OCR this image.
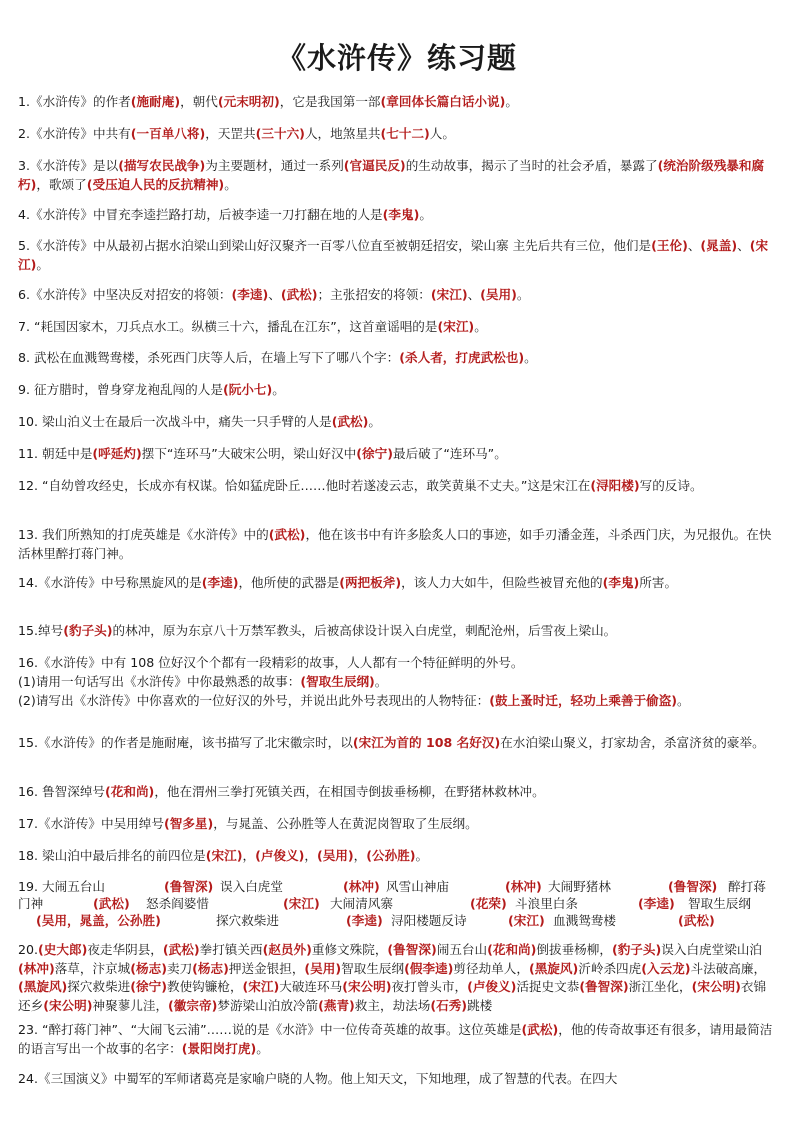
《水浒传》练习题
1.《水浒传》的作者(施耐庵)，朝代(元末明初)，它是我国第一部(章回体长篇白话小说)。
2.《水浒传》中共有(一百单八将)，天罡共(三十六)人，地煞星共(七十二)人。
3.《水浒传》是以(描写农民战争)为主要题材，通过一系列(官逼民反)的生动故事，揭示了当时的社会矛盾，暴露了(统治阶级残暴和腐朽)，歌颂了(受压迫人民的反抗精神)。
4.《水浒传》中冒充李逵拦路打劫，后被李逵一刀打翻在地的人是(李鬼)。
5.《水浒传》中从最初占据水泊梁山到梁山好汉聚齐一百零八位直至被朝廷招安，梁山寨 主先后共有三位，他们是(王伦)、(晁盖)、(宋江)。
6.《水浒传》中坚决反对招安的将领：(李逵)、(武松)；主张招安的将领：(宋江)、(吴用)。
7. “耗国因家木，刀兵点水工。纵横三十六，播乱在江东”，这首童谣唱的是(宋江)。
8. 武松在血溅鸳鸯楼，杀死西门庆等人后，在墙上写下了哪八个字：(杀人者，打虎武松也)。
9. 征方腊时，曾身穿龙袍乱闯的人是(阮小七)。
10. 梁山泊义士在最后一次战斗中，痛失一只手臂的人是(武松)。
11. 朝廷中是(呼延灼)摆下“连环马”大破宋公明，梁山好汉中(徐宁)最后破了“连环马”。
12. “自幼曾攻经史，长成亦有权谋。恰如猛虎卧丘……他时若遂凌云志，敢笑黄巢不丈夫。”这是宋江在(浔阳楼)写的反诗。
13. 我们所熟知的打虎英雄是《水浒传》中的(武松)，他在该书中有许多脍炙人口的事迹，如手刃潘金莲，斗杀西门庆，为兄报仇。在快活林里醉打蒋门神。
14.《水浒传》中号称黑旋风的是(李逵)，他所使的武器是(两把板斧)，该人力大如牛，但险些被冒充他的(李鬼)所害。
15.绰号(豹子头)的林冲，原为东京八十万禁军教头，后被高俅设计误入白虎堂，刺配沧州，后雪夜上梁山。
16.《水浒传》中有 108 位好汉个个都有一段精彩的故事，人人都有一个特征鲜明的外号。
(1)请用一句话写出《水浒传》中你最熟悉的故事：(智取生辰纲)。
(2)请写出《水浒传》中你喜欢的一位好汉的外号，并说出此外号表现出的人物特征：(鼓上蚤时迁，轻功上乘善于偷盗)。
15.《水浒传》的作者是施耐庵，该书描写了北宋徽宗时，以(宋江为首的 108 名好汉)在水泊梁山聚义，打家劫舍，杀富济贫的豪举。
16. 鲁智深绰号(花和尚)，他在渭州三拳打死镇关西，在相国寺倒拔垂杨柳，在野猪林救林冲。
17.《水浒传》中吴用绰号(智多星)，与晁盖、公孙胜等人在黄泥岗智取了生辰纲。
18. 梁山泊中最后排名的前四位是(宋江)，(卢俊义)，(吴用)，(公孙胜)。
19. 大闹五台山	(鲁智深) 误入白虎堂	(林冲) 风雪山神庙	(林冲) 大闹野猪林	(鲁智深) 醉打蒋
门神	(武松) 怒杀阎婆惜	(宋江) 大闹清风寨	(花荣) 斗浪里白条	(李逵) 智取生辰纲
(吴用，晁盖，公孙胜)	探穴救柴进	(李逵) 浔阳楼题反诗	(宋江) 血溅鸳鸯楼	(武松)
20.(史大郎)夜走华阴县，(武松)拳打镇关西(赵员外)重修文殊院，(鲁智深)闹五台山(花和尚)倒拔垂杨柳，(豹子头)误入白虎堂梁山泊(林冲)落草，汴京城(杨志)卖刀(杨志)押送金银担，(吴用)智取生辰纲(假李逵)剪径劫单人，(黑旋风)沂岭杀四虎(入云龙)斗法破高廉，(黑旋风)探穴救柴进(徐宁)教使钩镰枪，(宋江)大破连环马(宋公明)夜打曾头市，(卢俊义)活捉史文恭(鲁智深)浙江坐化，(宋公明)衣锦还乡(宋公明)神聚蓼儿洼，(徽宗帝)梦游梁山泊放冷箭(燕青)救主，劫法场(石秀)跳楼
23. “醉打蒋门神”、“大闹飞云浦”……说的是《水浒》中一位传奇英雄的故事。这位英雄是(武松)，他的传奇故事还有很多，请用最简洁的语言写出一个故事的名字：(景阳岗打虎)。
24.《三国演义》中蜀军的军师诸葛亮是家喻户晓的人物。他上知天文，下知地理，成了智慧的代表。在四大
